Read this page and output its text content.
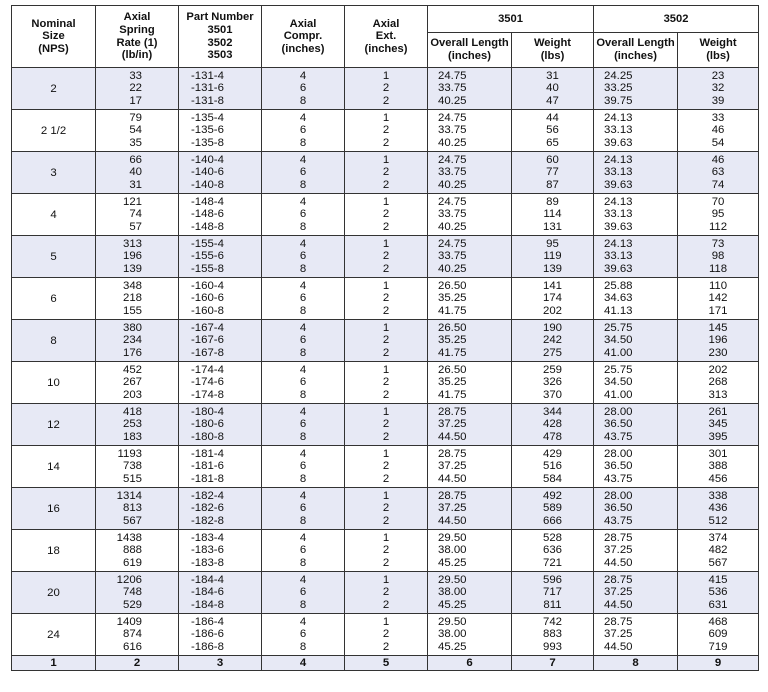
Nominal
Size
(NPS)	Axial
Spring
Rate (1)
(lb/in)	Part Number
3501
3502
3503	Axial
Compr.
(inches)	Axial
Ext.
(inches)	3501		3502	

					Overall Length
(inches)	Weight
(lbs)	Overall Length
(inches)	Weight
(lbs)

2	33
22
17	-131-4
-131-6
-131-8	4
6
8	1
2
2	24.75
33.75
40.25	31
40
47	24.25
33.25
39.75	23
32
39

2 1/2	79
54
35	-135-4
-135-6
-135-8	4
6
8	1
2
2	24.75
33.75
40.25	44
56
65	24.13
33.13
39.63	33
46
54

3	66
40
31	-140-4
-140-6
-140-8	4
6
8	1
2
2	24.75
33.75
40.25	60
77
87	24.13
33.13
39.63	46
63
74

4	121
74
57	-148-4
-148-6
-148-8	4
6
8	1
2
2	24.75
33.75
40.25	89
114
131	24.13
33.13
39.63	70
95
112

5	313
196
139	-155-4
-155-6
-155-8	4
6
8	1
2
2	24.75
33.75
40.25	95
119
139	24.13
33.13
39.63	73
98
118

6	348
218
155	-160-4
-160-6
-160-8	4
6
8	1
2
2	26.50
35.25
41.75	141
174
202	25.88
34.63
41.13	110
142
171

8	380
234
176	-167-4
-167-6
-167-8	4
6
8	1
2
2	26.50
35.25
41.75	190
242
275	25.75
34.50
41.00	145
196
230

10	452
267
203	-174-4
-174-6
-174-8	4
6
8	1
2
2	26.50
35.25
41.75	259
326
370	25.75
34.50
41.00	202
268
313

12	418
253
183	-180-4
-180-6
-180-8	4
6
8	1
2
2	28.75
37.25
44.50	344
428
478	28.00
36.50
43.75	261
345
395

14	1193
738
515	-181-4
-181-6
-181-8	4
6
8	1
2
2	28.75
37.25
44.50	429
516
584	28.00
36.50
43.75	301
388
456

16	1314
813
567	-182-4
-182-6
-182-8	4
6
8	1
2
2	28.75
37.25
44.50	492
589
666	28.00
36.50
43.75	338
436
512

18	1438
888
619	-183-4
-183-6
-183-8	4
6
8	1
2
2	29.50
38.00
45.25	528
636
721	28.75
37.25
44.50	374
482
567

20	1206
748
529	-184-4
-184-6
-184-8	4
6
8	1
2
2	29.50
38.00
45.25	596
717
811	28.75
37.25
44.50	415
536
631

24	1409
874
616	-186-4
-186-6
-186-8	4
6
8	1
2
2	29.50
38.00
45.25	742
883
993	28.75
37.25
44.50	468
609
719

1	2	3	4	5	6	7	8	9
